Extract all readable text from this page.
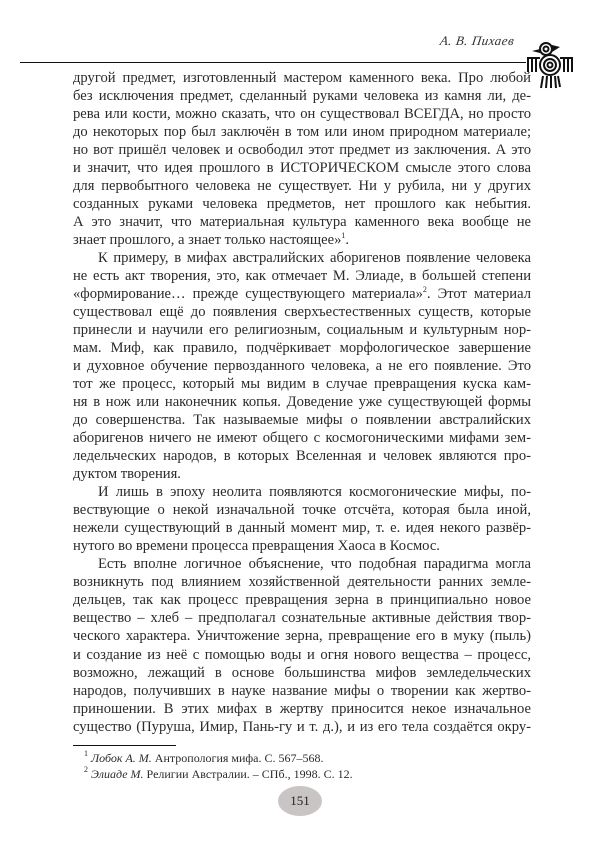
А. В. Пихаев
другой предмет, изготовленный мастером каменного века. Про любой
без исключения предмет, сделанный руками человека из камня ли, де-
рева или кости, можно сказать, что он существовал ВСЕГДА, но просто
до некоторых пор был заключён в том или ином природном материале;
но вот пришёл человек и освободил этот предмет из заключения. А это
и значит, что идея прошлого в ИСТОРИЧЕСКОМ смысле этого слова
для первобытного человека не существует. Ни у рубила, ни у других
созданных руками человека предметов, нет прошлого как небытия.
А это значит, что материальная культура каменного века вообще не
знает прошлого, а знает только настоящее»$^1$.
К примеру, в мифах австралийских аборигенов появление человека
не есть акт творения, это, как отмечает М. Элиаде, в большей степени
«формирование… прежде существующего материала»$^2$. Этот материал
существовал ещё до появления сверхъестественных существ, которые
принесли и научили его религиозным, социальным и культурным нор-
мам. Миф, как правило, подчёркивает морфологическое завершение
и духовное обучение первозданного человека, а не его появление. Это
тот же процесс, который мы видим в случае превращения куска кам-
ня в нож или наконечник копья. Доведение уже существующей формы
до совершенства. Так называемые мифы о появлении австралийских
аборигенов ничего не имеют общего с космогоническими мифами зем-
ледельческих народов, в которых Вселенная и человек являются про-
дуктом творения.
И лишь в эпоху неолита появляются космогонические мифы, по-
вествующие о некой изначальной точке отсчёта, которая была иной,
нежели существующий в данный момент мир, т. е. идея некого развёр-
нутого во времени процесса превращения Хаоса в Космос.
Есть вполне логичное объяснение, что подобная парадигма могла
возникнуть под влиянием хозяйственной деятельности ранних земле-
дельцев, так как процесс превращения зерна в принципиально новое
вещество – хлеб – предполагал сознательные активные действия твор-
ческого характера. Уничтожение зерна, превращение его в муку (пыль)
и создание из неё с помощью воды и огня нового вещества – процесс,
возможно, лежащий в основе большинства мифов земледельческих
народов, получивших в науке название мифы о творении как жертво-
приношении. В этих мифах в жертву приносится некое изначальное
существо (Пуруша, Имир, Пань-гу и т. д.), и из его тела создаётся окру-
$^1$ Лобок А. М. Антропология мифа. С. 567–568.
$^2$ Элиаде М. Религии Австралии. – СПб., 1998. С. 12.
151
